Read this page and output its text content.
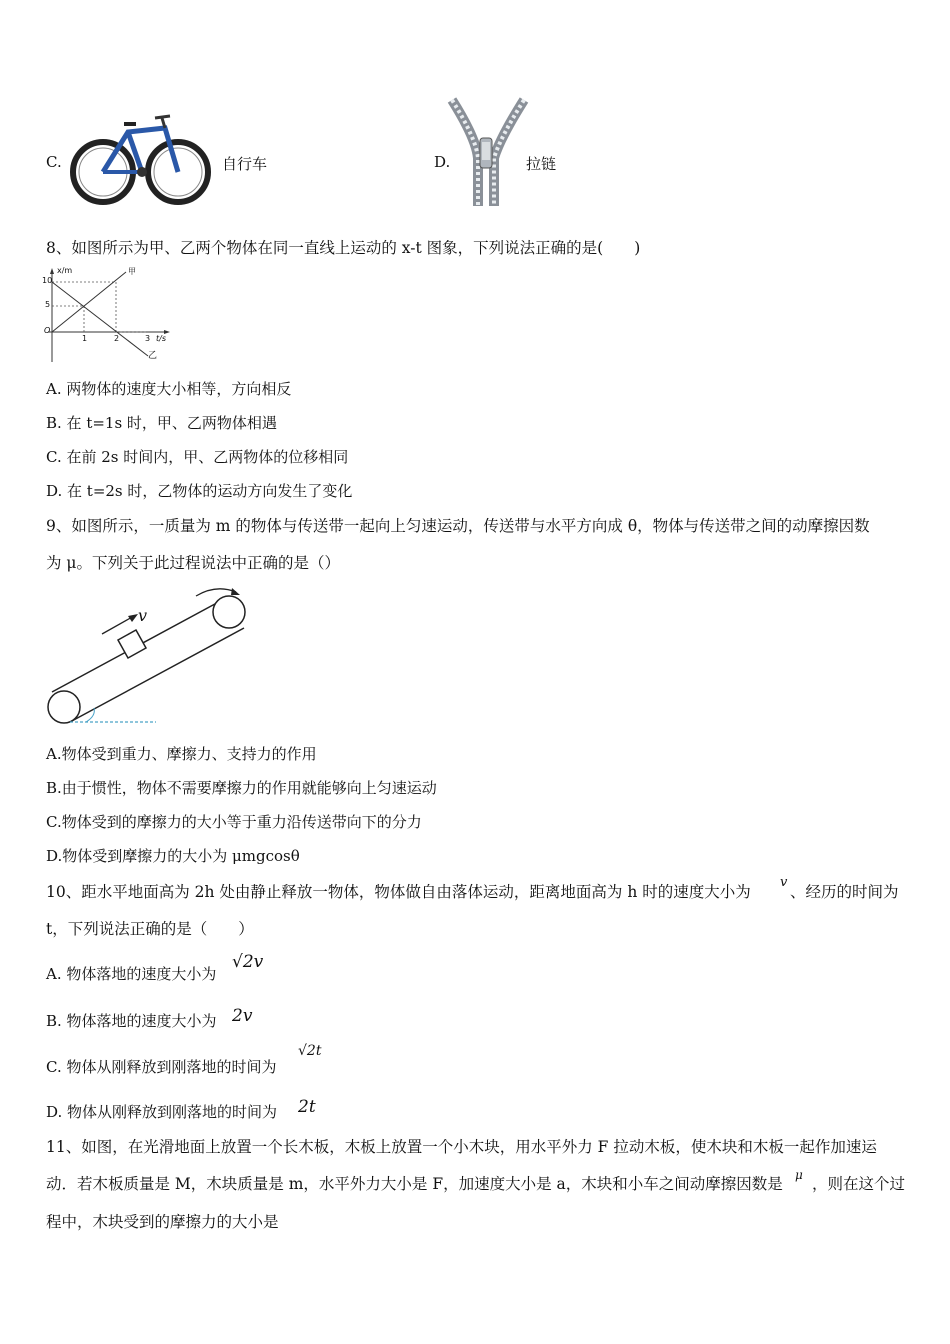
C.	自行车	D.	拉链
8、如图所示为甲、乙两个物体在同一直线上运动的 x-t 图象，下列说法正确的是(　　)
x/m	甲
10
5
O
1	2	3 t/s
乙
A. 两物体的速度大小相等，方向相反
B. 在 t=1s 时，甲、乙两物体相遇
C. 在前 2s 时间内，甲、乙两物体的位移相同
D. 在 t=2s 时，乙物体的运动方向发生了变化
9、如图所示，一质量为 m 的物体与传送带一起向上匀速运动，传送带与水平方向成 θ，物体与传送带之间的动摩擦因数
为 μ。下列关于此过程说法中正确的是（）
v
A.物体受到重力、摩擦力、支持力的作用
B.由于惯性，物体不需要摩擦力的作用就能够向上匀速运动
C.物体受到的摩擦力的大小等于重力沿传送带向下的分力
D.物体受到摩擦力的大小为 μmgcosθ
10、距水平地面高为 2h 处由静止释放一物体，物体做自由落体运动，距离地面高为 h 时的速度大小为
v
、经历的时间为
t，下列说法正确的是（　　）
A. 物体落地的速度大小为
√2v
B. 物体落地的速度大小为 2v
C. 物体从刚释放到刚落地的时间为
√2t
D. 物体从刚释放到刚落地的时间为 2t
11、如图，在光滑地面上放置一个长木板，木板上放置一个小木块，用水平外力 F 拉动木板，使木块和木板一起作加速运
动．若木板质量是 M，木块质量是 m，水平外力大小是 F，加速度大小是 a，木块和小车之间动摩擦因数是 μ ，则在这个过
程中，木块受到的摩擦力的大小是
